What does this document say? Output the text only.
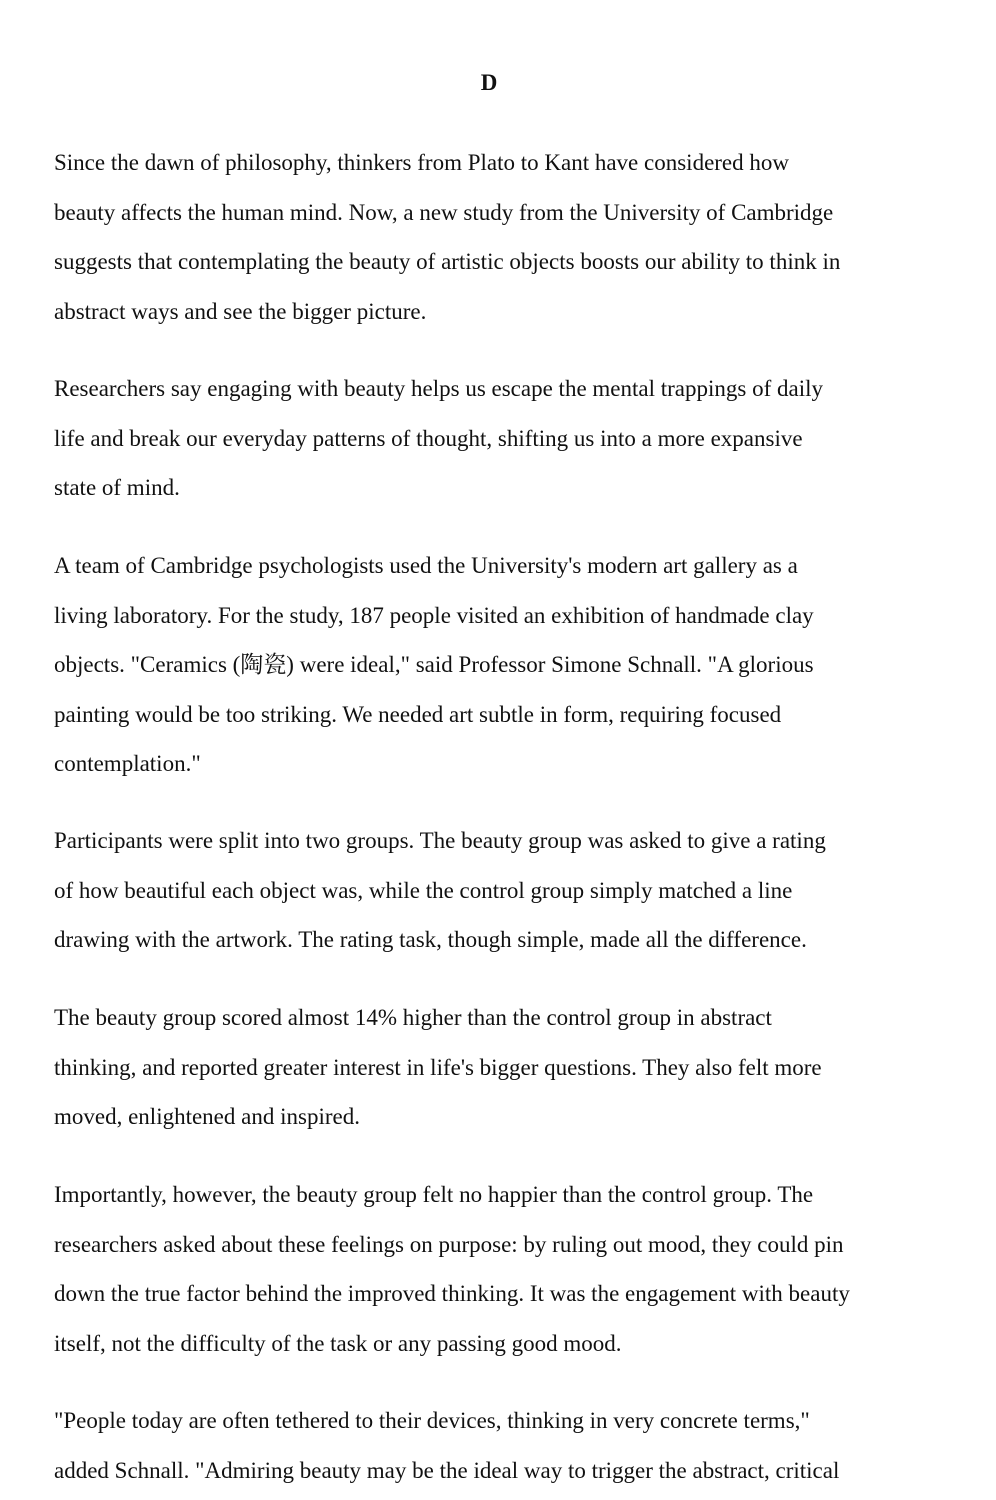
D

Since the dawn of philosophy, thinkers from Plato to Kant have considered how
beauty affects the human mind. Now, a new study from the University of Cambridge
suggests that contemplating the beauty of artistic objects boosts our ability to think in
abstract ways and see the bigger picture.

Researchers say engaging with beauty helps us escape the mental trappings of daily
life and break our everyday patterns of thought, shifting us into a more expansive
state of mind.

A team of Cambridge psychologists used the University's modern art gallery as a
living laboratory. For the study, 187 people visited an exhibition of handmade clay
objects. "Ceramics (陶瓷) were ideal," said Professor Simone Schnall. "A glorious
painting would be too striking. We needed art subtle in form, requiring focused
contemplation."

Participants were split into two groups. The beauty group was asked to give a rating
of how beautiful each object was, while the control group simply matched a line
drawing with the artwork. The rating task, though simple, made all the difference.

The beauty group scored almost 14% higher than the control group in abstract
thinking, and reported greater interest in life's bigger questions. They also felt more
moved, enlightened and inspired.

Importantly, however, the beauty group felt no happier than the control group. The
researchers asked about these feelings on purpose: by ruling out mood, they could pin
down the true factor behind the improved thinking. It was the engagement with beauty
itself, not the difficulty of the task or any passing good mood.

"People today are often tethered to their devices, thinking in very concrete terms,"
added Schnall. "Admiring beauty may be the ideal way to trigger the abstract, critical
